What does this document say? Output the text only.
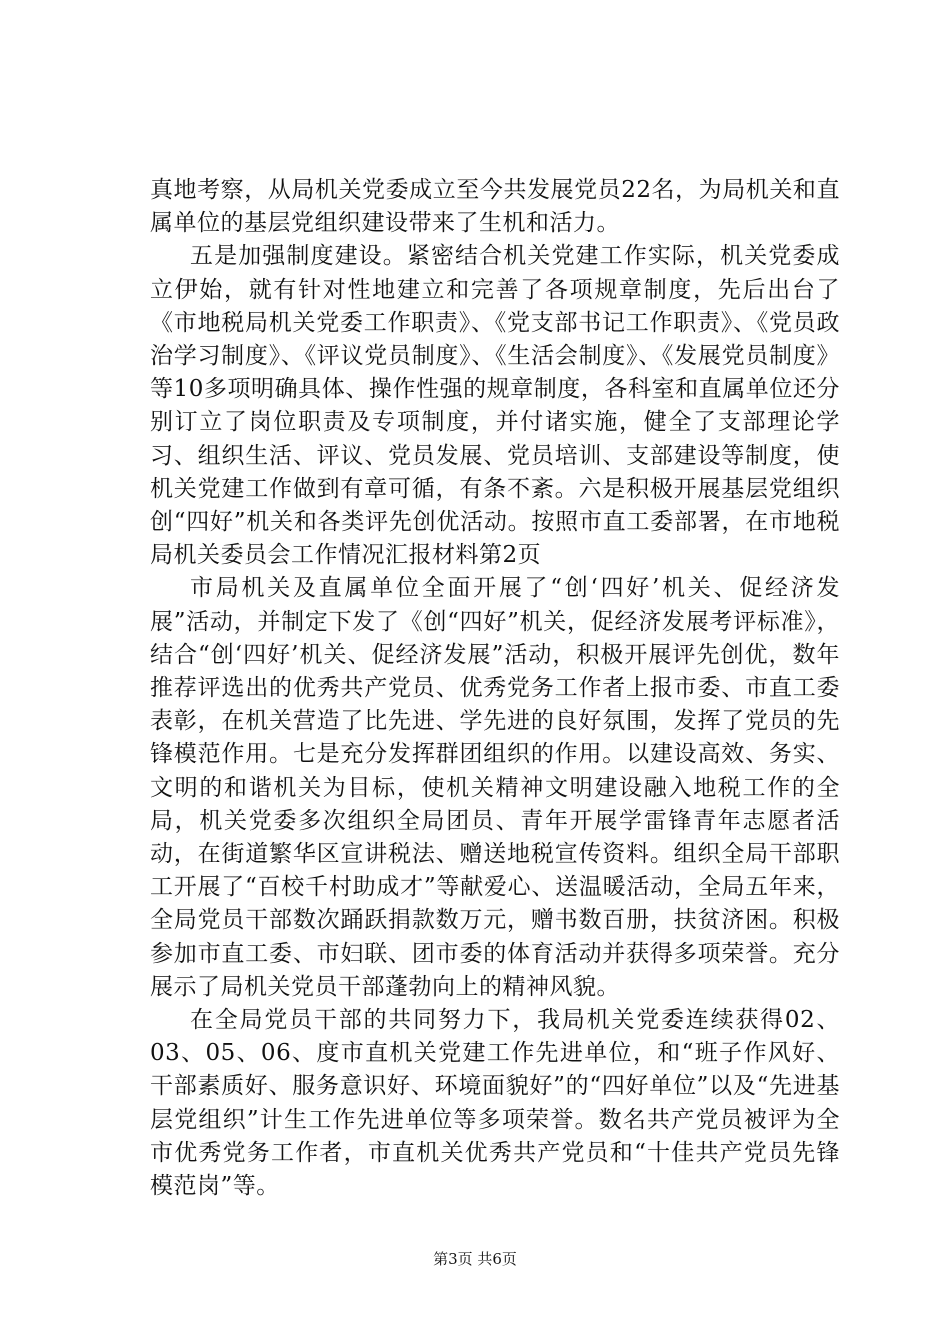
真地考察，从局机关党委成立至今共发展党员22名，为局机关和直属单位的基层党组织建设带来了生机和活力。

五是加强制度建设。紧密结合机关党建工作实际，机关党委成立伊始，就有针对性地建立和完善了各项规章制度，先后出台了《市地税局机关党委工作职责》、《党支部书记工作职责》、《党员政治学习制度》、《评议党员制度》、《生活会制度》、《发展党员制度》等10多项明确具体、操作性强的规章制度，各科室和直属单位还分别订立了岗位职责及专项制度，并付诸实施，健全了支部理论学习、组织生活、评议、党员发展、党员培训、支部建设等制度，使机关党建工作做到有章可循，有条不紊。六是积极开展基层党组织创“四好”机关和各类评先创优活动。按照市直工委部署，在市地税局机关委员会工作情况汇报材料第2页

市局机关及直属单位全面开展了“创‘四好’机关、促经济发展”活动，并制定下发了《创“四好”机关，促经济发展考评标准》，结合“创‘四好’机关、促经济发展”活动，积极开展评先创优，数年推荐评选出的优秀共产党员、优秀党务工作者上报市委、市直工委表彰，在机关营造了比先进、学先进的良好氛围，发挥了党员的先锋模范作用。七是充分发挥群团组织的作用。以建设高效、务实、文明的和谐机关为目标，使机关精神文明建设融入地税工作的全局，机关党委多次组织全局团员、青年开展学雷锋青年志愿者活动，在街道繁华区宣讲税法、赠送地税宣传资料。组织全局干部职工开展了“百校千村助成才”等献爱心、送温暖活动，全局五年来，全局党员干部数次踊跃捐款数万元，赠书数百册，扶贫济困。积极参加市直工委、市妇联、团市委的体育活动并获得多项荣誉。充分展示了局机关党员干部蓬勃向上的精神风貌。

在全局党员干部的共同努力下，我局机关党委连续获得02、03、05、06、度市直机关党建工作先进单位，和“班子作风好、干部素质好、服务意识好、环境面貌好”的“四好单位”以及“先进基层党组织”计生工作先进单位等多项荣誉。数名共产党员被评为全市优秀党务工作者，市直机关优秀共产党员和“十佳共产党员先锋模范岗”等。

第3页 共6页
